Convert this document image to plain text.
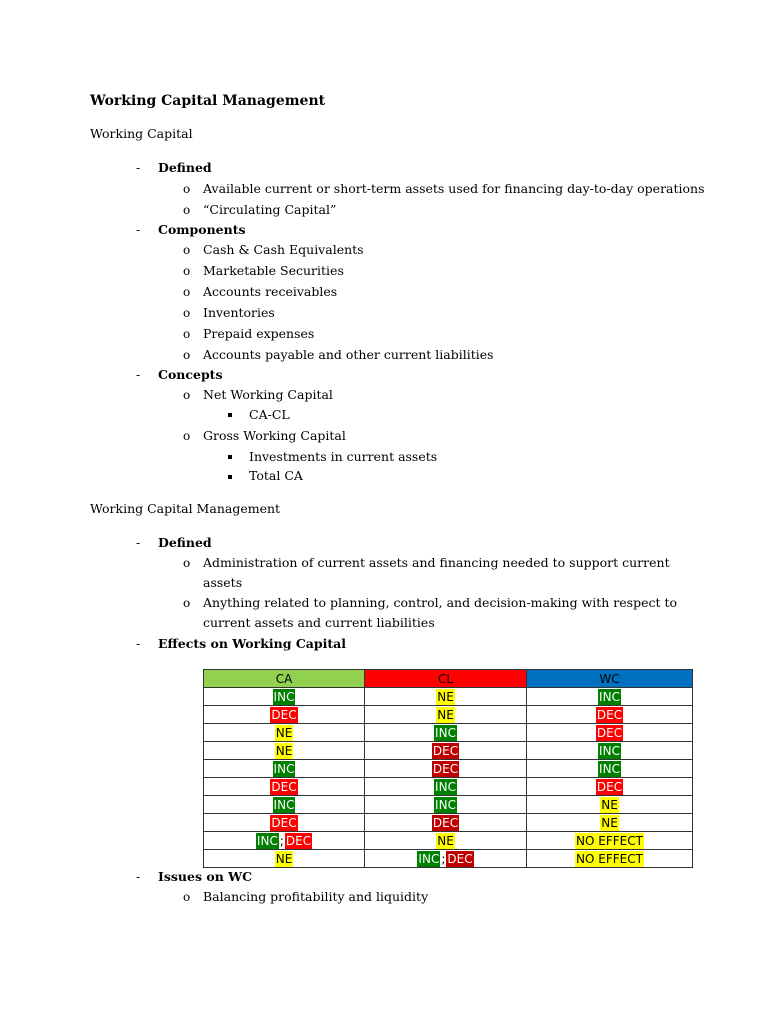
Working Capital Management
Working Capital
- Defined
o Available current or short-term assets used for financing day-to-day operations
o “Circulating Capital”
- Components
o Cash & Cash Equivalents
o Marketable Securities
o Accounts receivables
o Inventories
o Prepaid expenses
o Accounts payable and other current liabilities
- Concepts
o Net Working Capital
CA-CL
o Gross Working Capital
Investments in current assets
Total CA
Working Capital Management
- Defined
o Administration of current assets and financing needed to support current
assets
o Anything related to planning, control, and decision-making with respect to
current assets and current liabilities
- Effects on Working Capital
CA	CL	WC
INC	NE	INC
DEC	NE	DEC
NE	INC	DEC
NE	DEC	INC
INC	DEC	INC
DEC	INC	DEC
INC	INC	NE
DEC	DEC	NE
INC ; DEC	NE	NO EFFECT
NE	INC ; DEC	NO EFFECT
- Issues on WC
o Balancing profitability and liquidity
